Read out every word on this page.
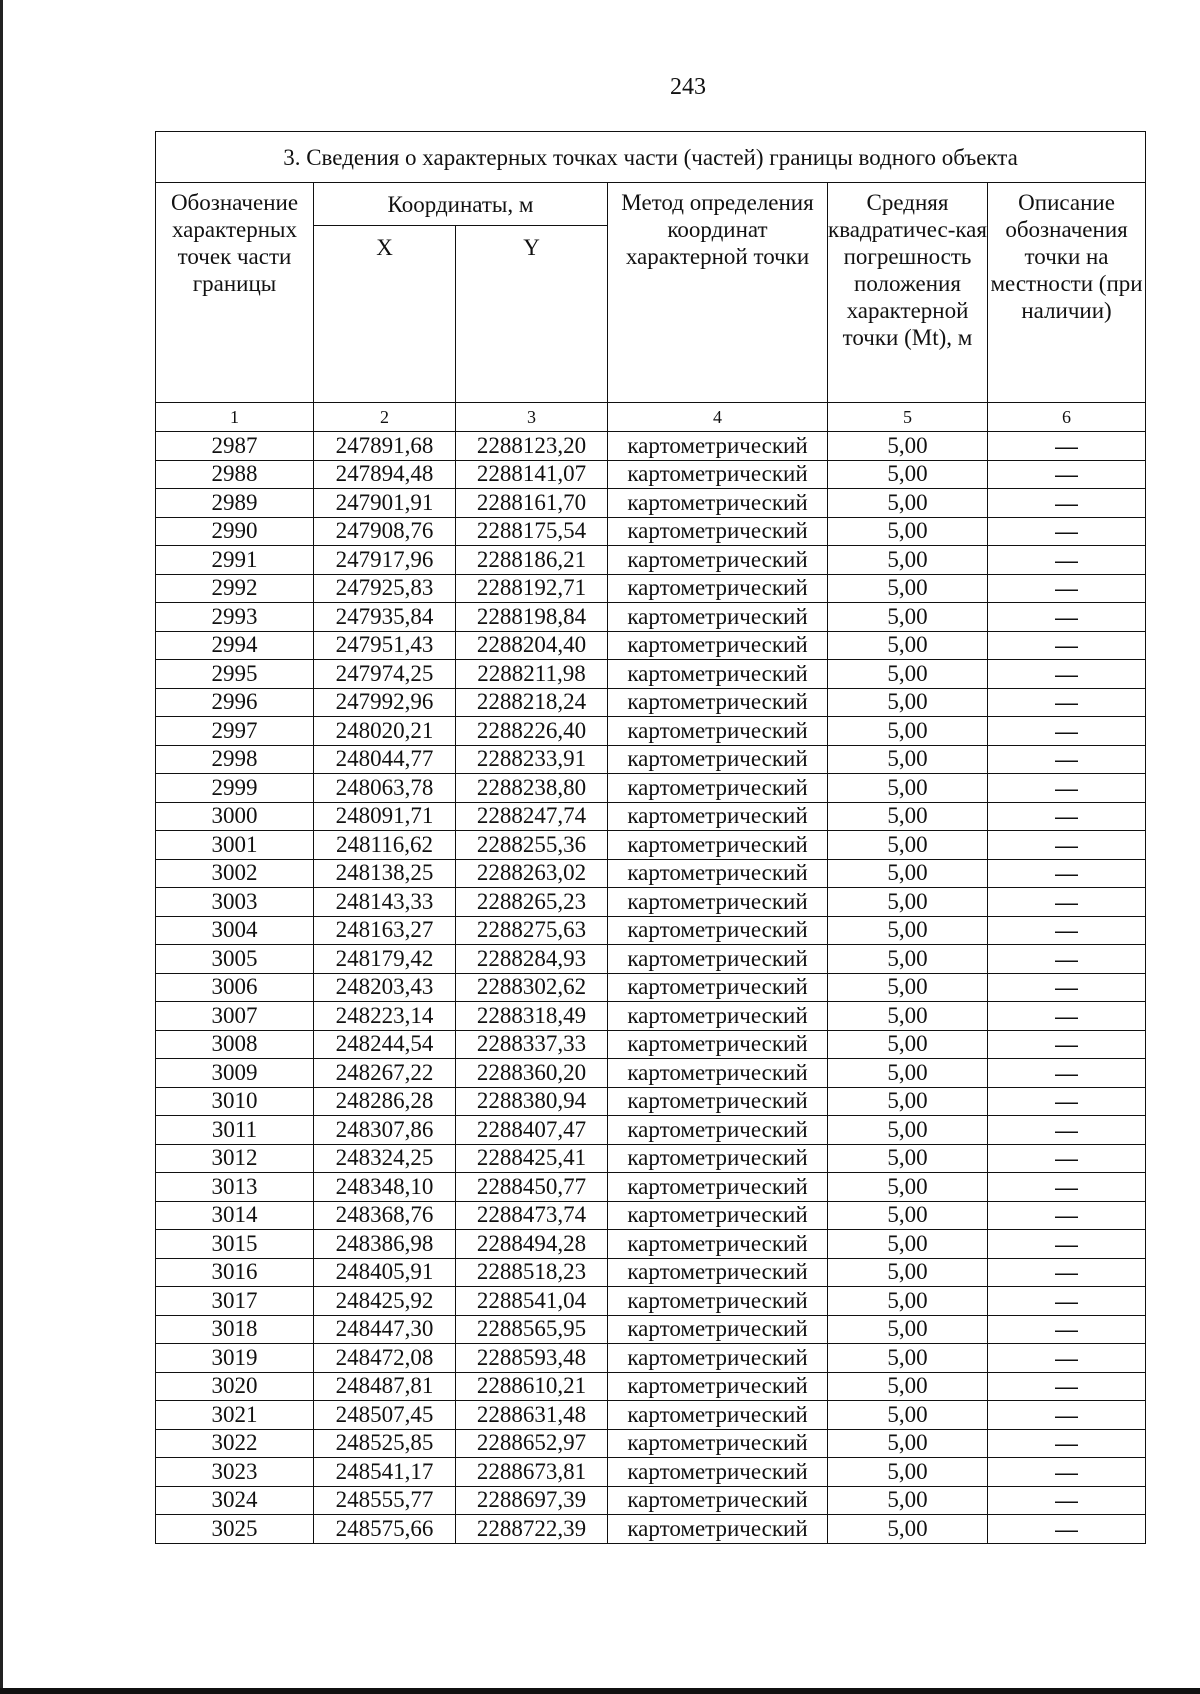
243
3. Сведения о характерных точках части (частей) границы водного объекта					
Обозначение характерных точек части границы	Координаты, м		Метод определения координат характерной точки	Средняя квадратичес-кая погрешность положения характерной точки (Mt), м	Описание обозначения точки на местности (при наличии)
	X	Y			
1	2	3	4	5	6
2987	247891,68	2288123,20	картометрический	5,00	—
2988	247894,48	2288141,07	картометрический	5,00	—
2989	247901,91	2288161,70	картометрический	5,00	—
2990	247908,76	2288175,54	картометрический	5,00	—
2991	247917,96	2288186,21	картометрический	5,00	—
2992	247925,83	2288192,71	картометрический	5,00	—
2993	247935,84	2288198,84	картометрический	5,00	—
2994	247951,43	2288204,40	картометрический	5,00	—
2995	247974,25	2288211,98	картометрический	5,00	—
2996	247992,96	2288218,24	картометрический	5,00	—
2997	248020,21	2288226,40	картометрический	5,00	—
2998	248044,77	2288233,91	картометрический	5,00	—
2999	248063,78	2288238,80	картометрический	5,00	—
3000	248091,71	2288247,74	картометрический	5,00	—
3001	248116,62	2288255,36	картометрический	5,00	—
3002	248138,25	2288263,02	картометрический	5,00	—
3003	248143,33	2288265,23	картометрический	5,00	—
3004	248163,27	2288275,63	картометрический	5,00	—
3005	248179,42	2288284,93	картометрический	5,00	—
3006	248203,43	2288302,62	картометрический	5,00	—
3007	248223,14	2288318,49	картометрический	5,00	—
3008	248244,54	2288337,33	картометрический	5,00	—
3009	248267,22	2288360,20	картометрический	5,00	—
3010	248286,28	2288380,94	картометрический	5,00	—
3011	248307,86	2288407,47	картометрический	5,00	—
3012	248324,25	2288425,41	картометрический	5,00	—
3013	248348,10	2288450,77	картометрический	5,00	—
3014	248368,76	2288473,74	картометрический	5,00	—
3015	248386,98	2288494,28	картометрический	5,00	—
3016	248405,91	2288518,23	картометрический	5,00	—
3017	248425,92	2288541,04	картометрический	5,00	—
3018	248447,30	2288565,95	картометрический	5,00	—
3019	248472,08	2288593,48	картометрический	5,00	—
3020	248487,81	2288610,21	картометрический	5,00	—
3021	248507,45	2288631,48	картометрический	5,00	—
3022	248525,85	2288652,97	картометрический	5,00	—
3023	248541,17	2288673,81	картометрический	5,00	—
3024	248555,77	2288697,39	картометрический	5,00	—
3025	248575,66	2288722,39	картометрический	5,00	—
